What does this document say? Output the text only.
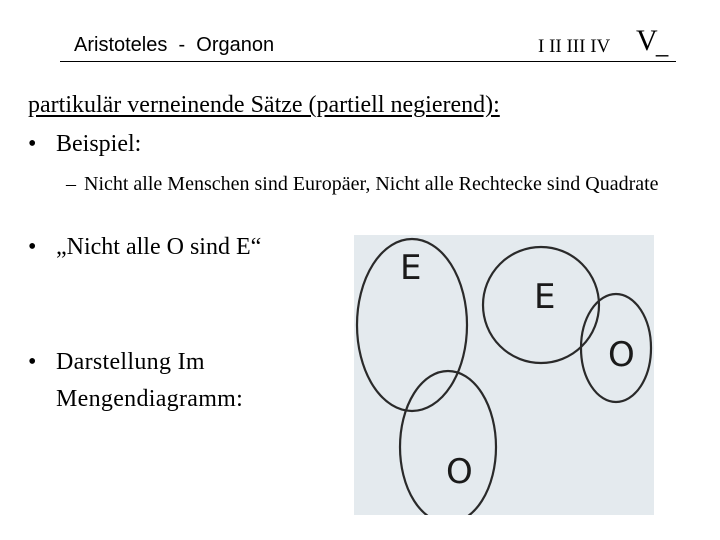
Aristoteles  -  Organon	I II III IV V
_
partikulär verneinende Sätze (partiell negierend):
• Beispiel:
– Nicht alle Menschen sind Europäer, Nicht alle Rechtecke sind Quadrate
• „Nicht alle O sind E“
• Darstellung Im Mengendiagramm:
E
E
O
O
